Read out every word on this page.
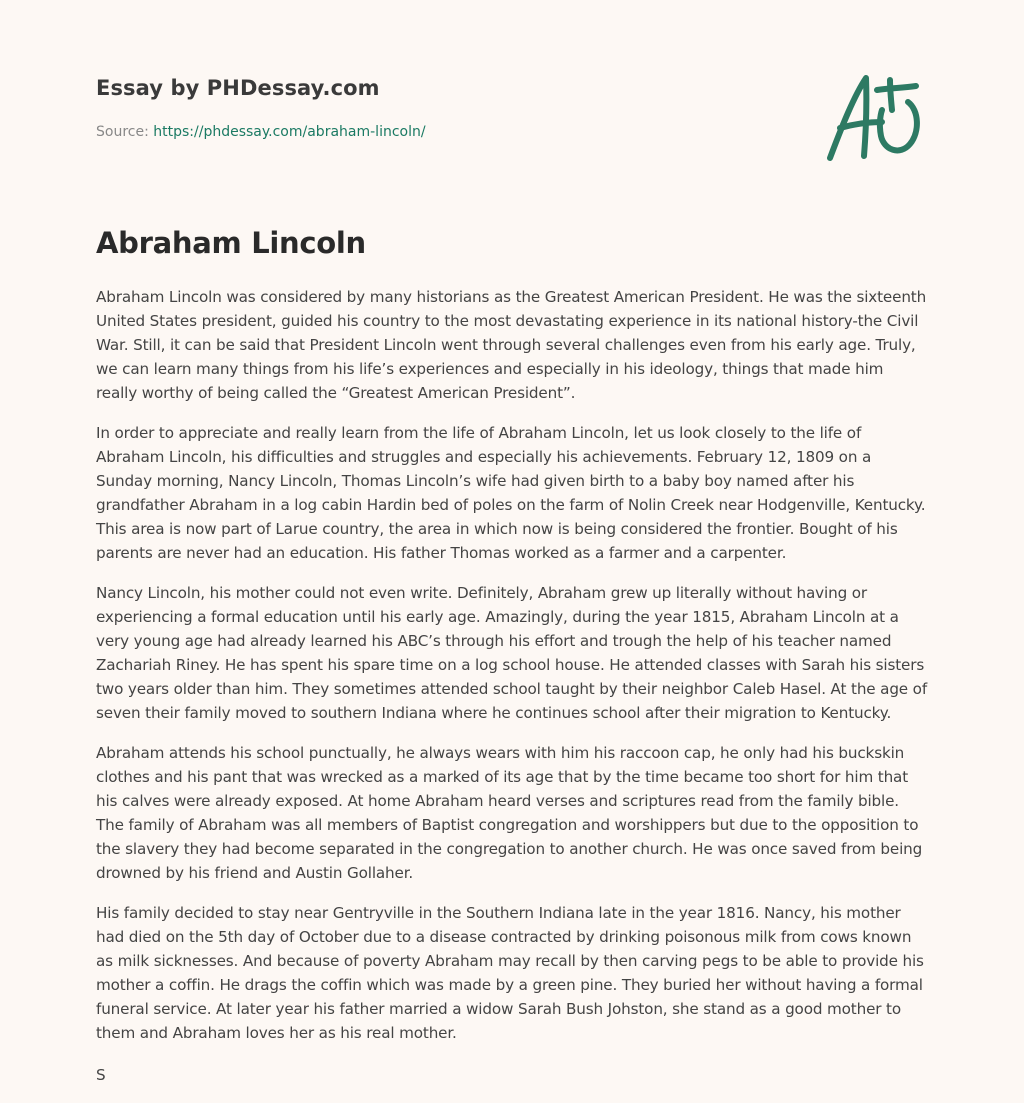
Essay by PHDessay.com
Source: https://phdessay.com/abraham-lincoln/
Abraham Lincoln

Abraham Lincoln was considered by many historians as the Greatest American President. He was the sixteenth United States president, guided his country to the most devastating experience in its national history-the Civil War. Still, it can be said that President Lincoln went through several challenges even from his early age. Truly, we can learn many things from his life’s experiences and especially in his ideology, things that made him really worthy of being called the “Greatest American President”.

In order to appreciate and really learn from the life of Abraham Lincoln, let us look closely to the life of Abraham Lincoln, his difficulties and struggles and especially his achievements. February 12, 1809 on a Sunday morning, Nancy Lincoln, Thomas Lincoln’s wife had given birth to a baby boy named after his grandfather Abraham in a log cabin Hardin bed of poles on the farm of Nolin Creek near Hodgenville, Kentucky. This area is now part of Larue country, the area in which now is being considered the frontier. Bought of his parents are never had an education. His father Thomas worked as a farmer and a carpenter.

Nancy Lincoln, his mother could not even write. Definitely, Abraham grew up literally without having or experiencing a formal education until his early age. Amazingly, during the year 1815, Abraham Lincoln at a very young age had already learned his ABC’s through his effort and trough the help of his teacher named Zachariah Riney. He has spent his spare time on a log school house. He attended classes with Sarah his sisters two years older than him. They sometimes attended school taught by their neighbor Caleb Hasel. At the age of seven their family moved to southern Indiana where he continues school after their migration to Kentucky.

Abraham attends his school punctually, he always wears with him his raccoon cap, he only had his buckskin clothes and his pant that was wrecked as a marked of its age that by the time became too short for him that his calves were already exposed. At home Abraham heard verses and scriptures read from the family bible. The family of Abraham was all members of Baptist congregation and worshippers but due to the opposition to the slavery they had become separated in the congregation to another church. He was once saved from being drowned by his friend and Austin Gollaher.

His family decided to stay near Gentryville in the Southern Indiana late in the year 1816. Nancy, his mother had died on the 5th day of October due to a disease contracted by drinking poisonous milk from cows known as milk sicknesses. And because of poverty Abraham may recall by then carving pegs to be able to provide his mother a coffin. He drags the coffin which was made by a green pine. They buried her without having a formal funeral service. At later year his father married a widow Sarah Bush Johston, she stand as a good mother to them and Abraham loves her as his real mother.

S
